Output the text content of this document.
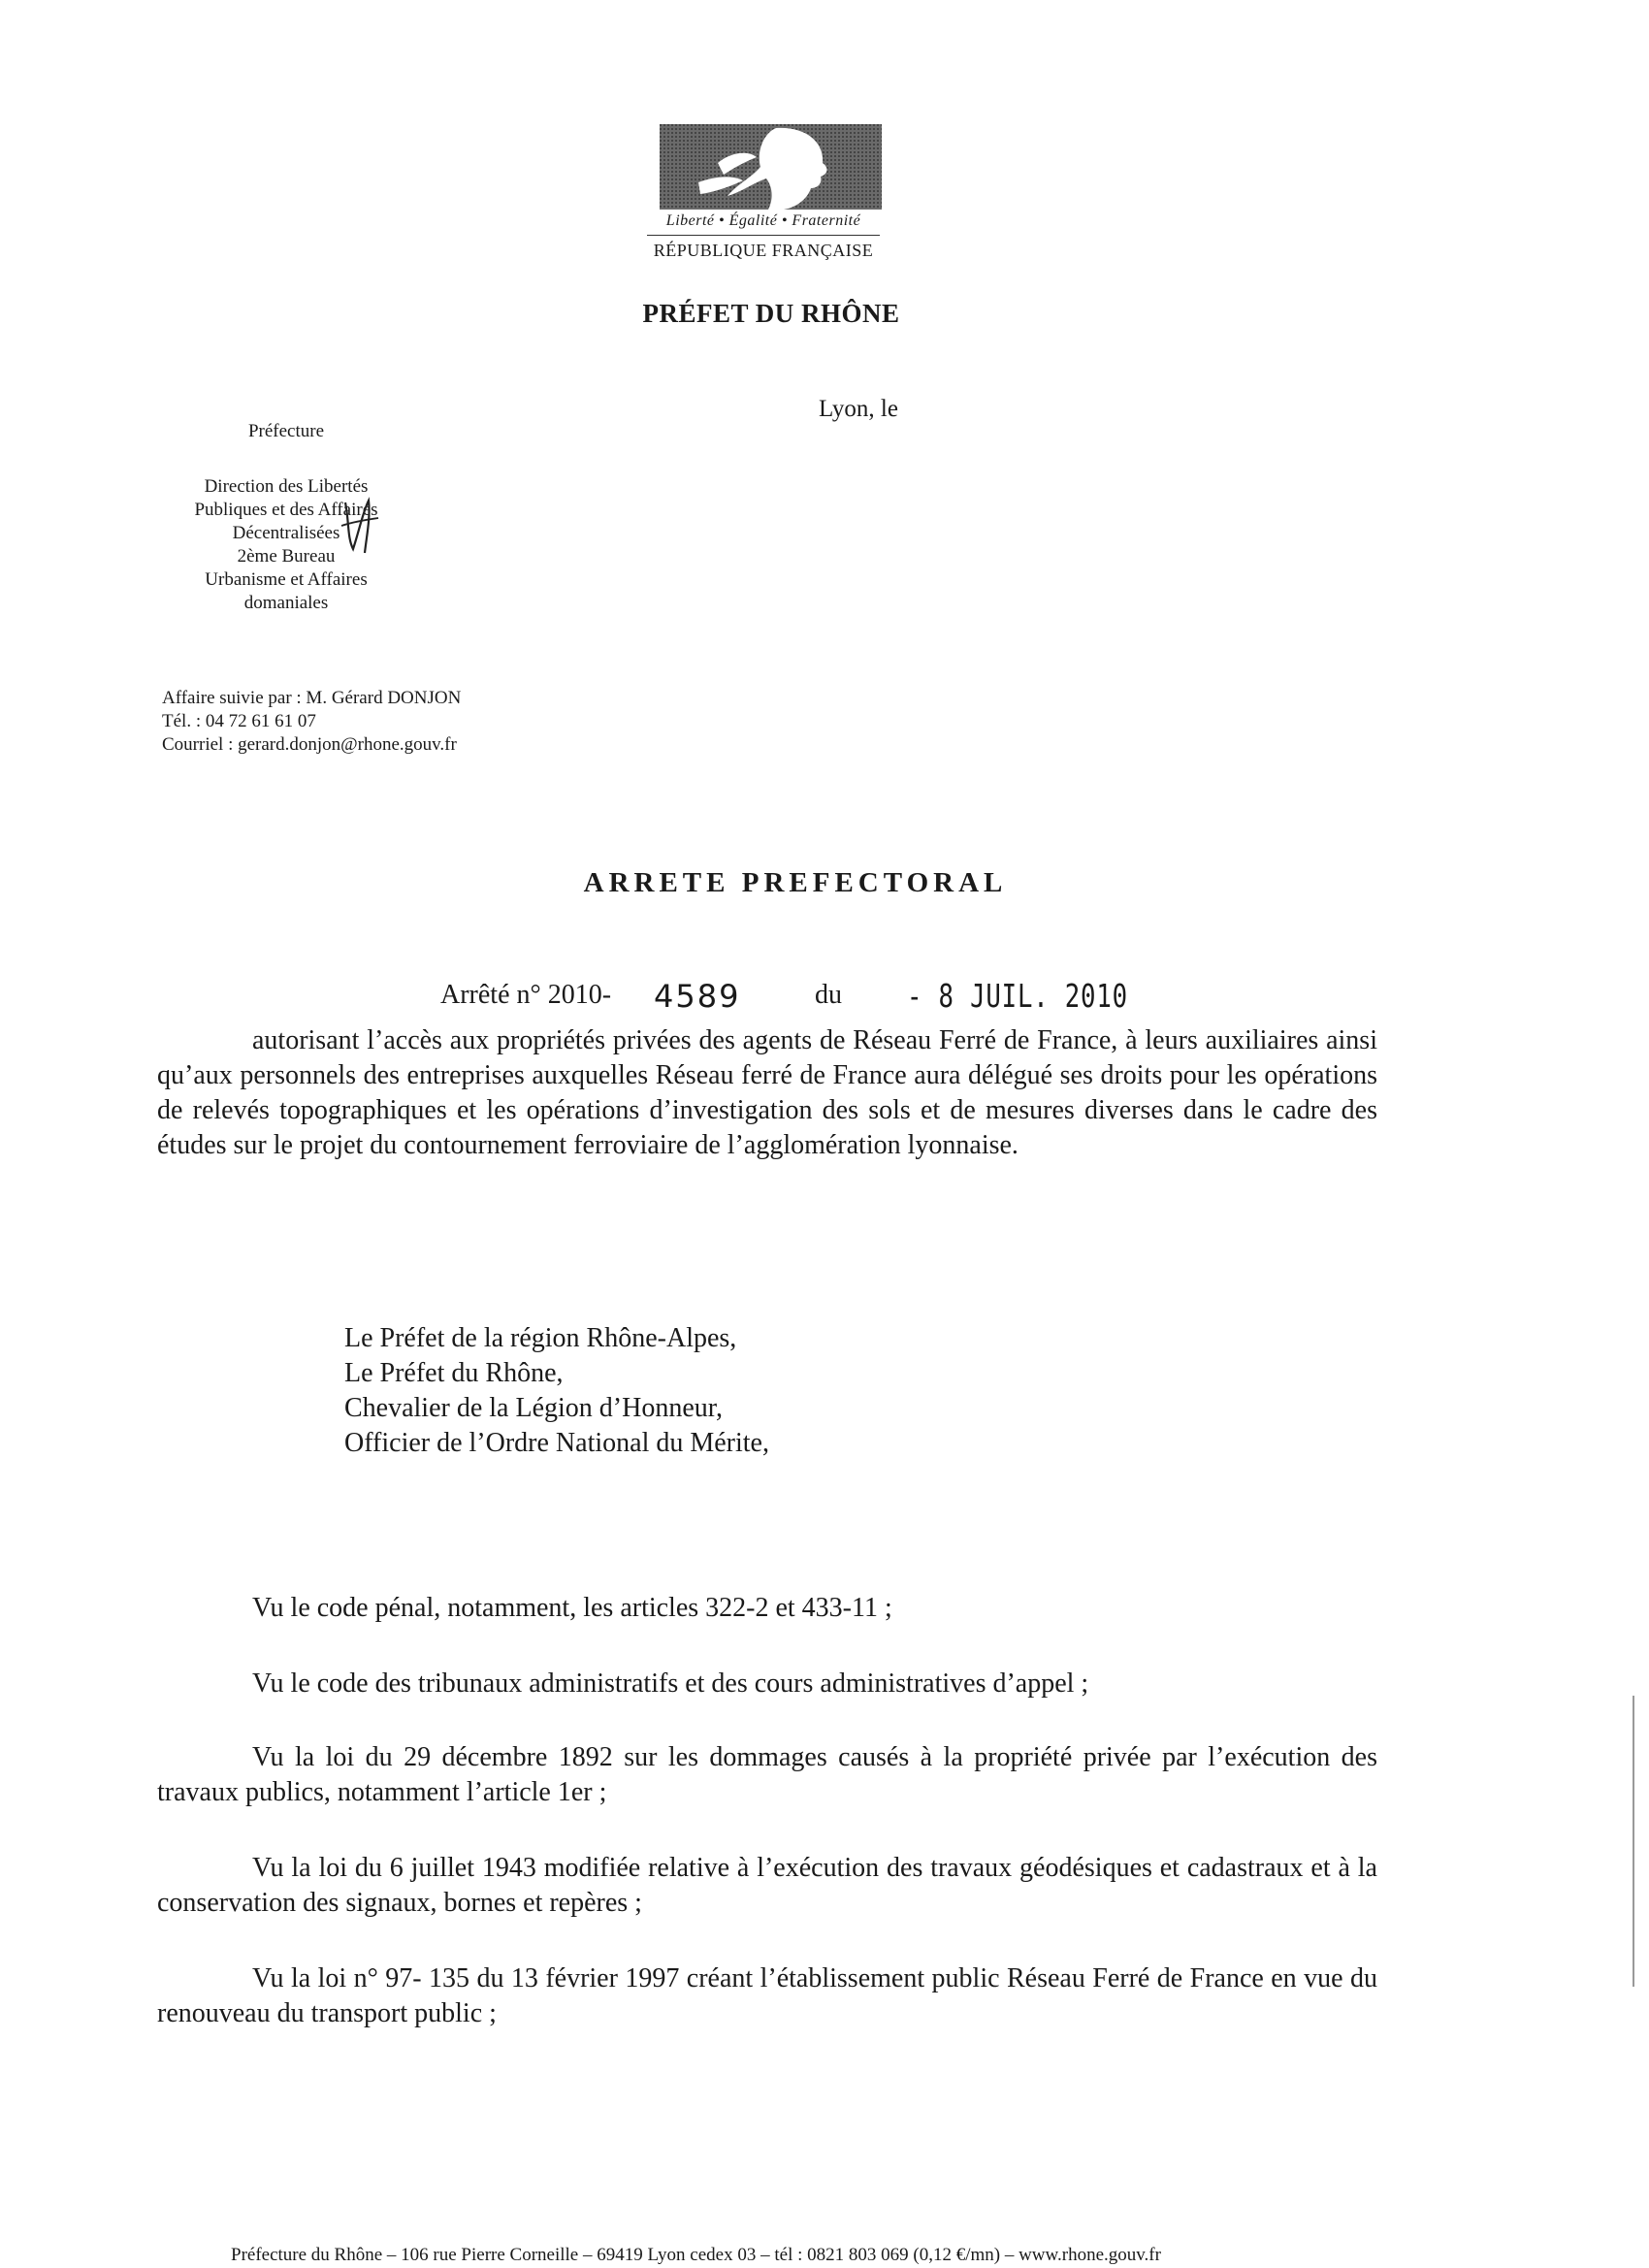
Liberté • Égalité • Fraternité
RÉPUBLIQUE FRANÇAISE
PRÉFET DU RHÔNE
Lyon, le
Préfecture
Direction des Libertés
Publiques et des Affaires
Décentralisées
2ème Bureau
Urbanisme et Affaires
domaniales
Affaire suivie par : M. Gérard DONJON
Tél. : 04 72 61 61 07
Courriel : gerard.donjon@rhone.gouv.fr
ARRETE PREFECTORAL
Arrêté n° 2010- 4589	du - 8 JUIL. 2010
autorisant l’accès aux propriétés privées des agents de Réseau Ferré de France, à leurs auxiliaires ainsi qu’aux personnels des entreprises auxquelles Réseau ferré de France aura délégué ses droits pour les opérations de relevés topographiques et les opérations d’investigation des sols et de mesures diverses dans le cadre des études sur le projet du contournement ferroviaire de l’agglomération lyonnaise.
Le Préfet de la région Rhône-Alpes,
Le Préfet du Rhône,
Chevalier de la Légion d’Honneur,
Officier de l’Ordre National du Mérite,
Vu le code pénal, notamment, les articles 322-2 et 433-11 ;
Vu le code des tribunaux administratifs et des cours administratives d’appel ;
Vu la loi du 29 décembre 1892 sur les dommages causés à la propriété privée par l’exécution des travaux publics, notamment l’article 1er ;
Vu la loi du 6 juillet 1943 modifiée relative à l’exécution des travaux géodésiques et cadastraux et à la conservation des signaux, bornes et repères ;
Vu la loi n° 97- 135 du 13 février 1997 créant l’établissement public Réseau Ferré de France en vue du renouveau du transport public ;
Préfecture du Rhône – 106 rue Pierre Corneille – 69419 Lyon cedex 03 – tél : 0821 803 069 (0,12 €/mn) – www.rhone.gouv.fr
